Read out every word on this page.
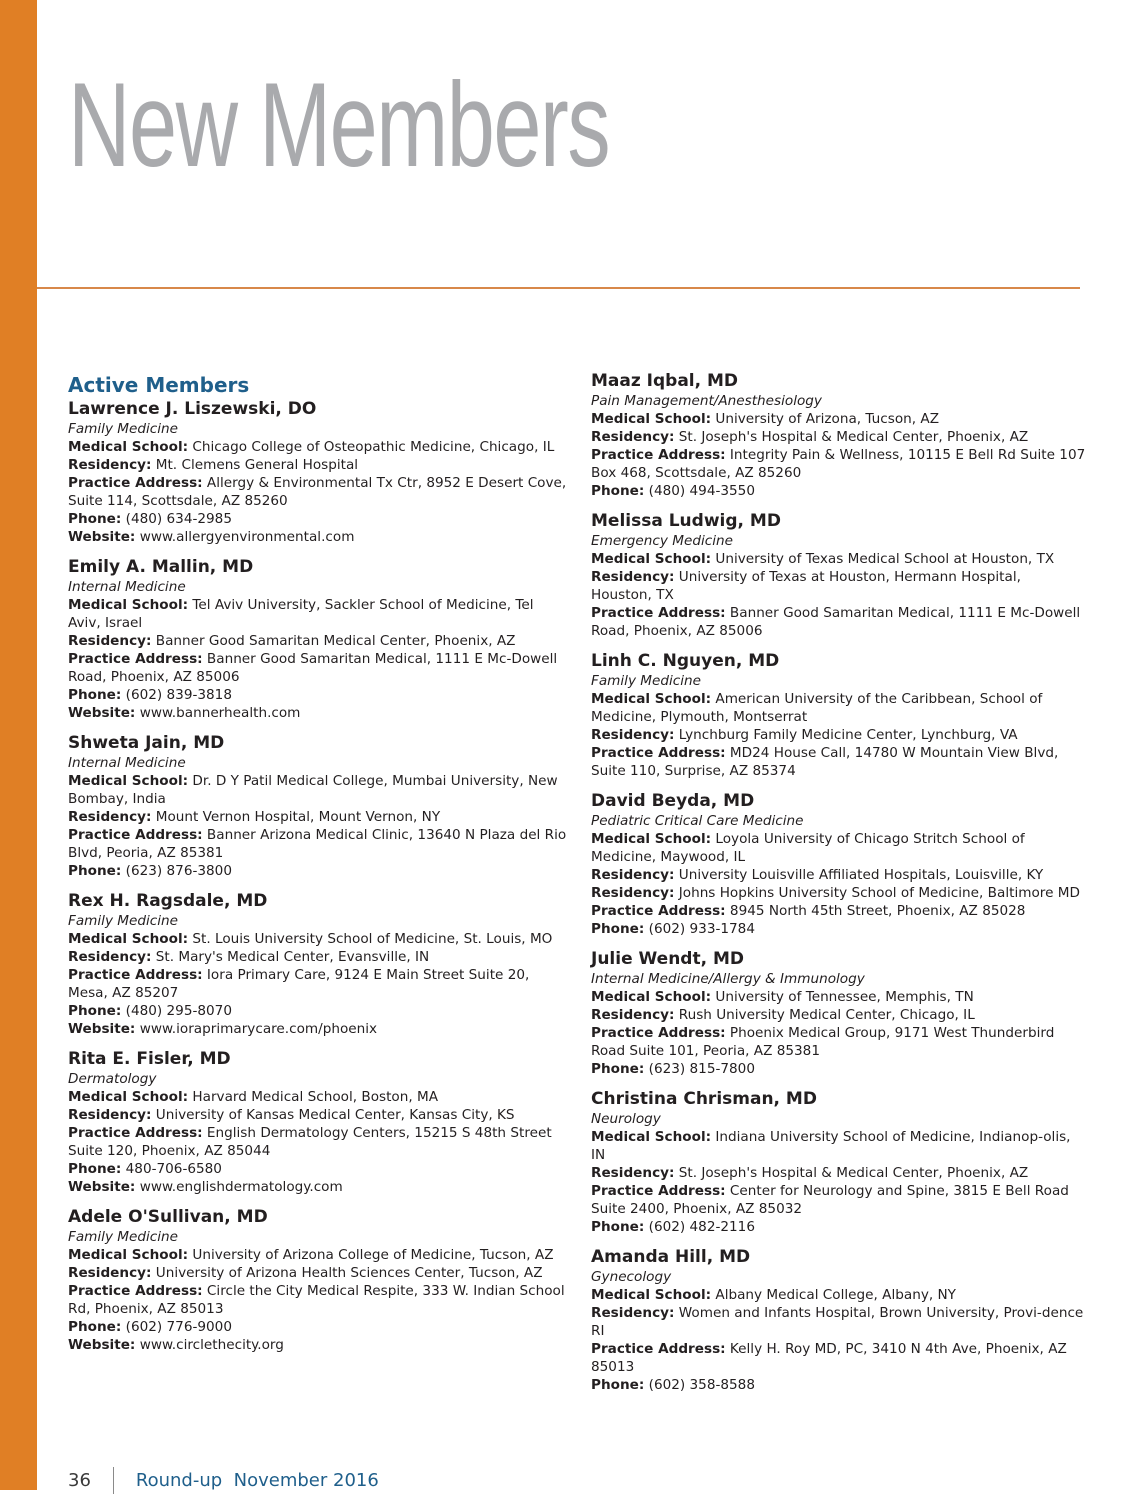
New Members
Active Members

Lawrence J. Liszewski, DO

Family Medicine

Medical School: Chicago College of Osteopathic Medicine, Chicago, IL

Residency: Mt. Clemens General Hospital

Practice Address: Allergy & Environmental Tx Ctr, 8952 E Desert Cove, Suite 114, Scottsdale, AZ 85260

Phone: (480) 634-2985

Website: www.allergyenvironmental.com

Emily A. Mallin, MD

Internal Medicine

Medical School: Tel Aviv University, Sackler School of Medicine, Tel Aviv, Israel

Residency: Banner Good Samaritan Medical Center, Phoenix, AZ

Practice Address: Banner Good Samaritan Medical, 1111 E Mc-Dowell Road, Phoenix, AZ 85006

Phone: (602) 839-3818

Website: www.bannerhealth.com

Shweta Jain, MD

Internal Medicine

Medical School: Dr. D Y Patil Medical College, Mumbai University, New Bombay, India

Residency: Mount Vernon Hospital, Mount Vernon, NY

Practice Address: Banner Arizona Medical Clinic, 13640 N Plaza del Rio Blvd, Peoria, AZ 85381

Phone: (623) 876-3800

Rex H. Ragsdale, MD

Family Medicine

Medical School: St. Louis University School of Medicine, St. Louis, MO

Residency: St. Mary's Medical Center, Evansville, IN

Practice Address: Iora Primary Care, 9124 E Main Street Suite 20, Mesa, AZ 85207

Phone: (480) 295-8070

Website: www.ioraprimarycare.com/phoenix

Rita E. Fisler, MD

Dermatology

Medical School: Harvard Medical School, Boston, MA

Residency: University of Kansas Medical Center, Kansas City, KS

Practice Address: English Dermatology Centers, 15215 S 48th Street Suite 120, Phoenix, AZ 85044

Phone: 480-706-6580

Website: www.englishdermatology.com

Adele O'Sullivan, MD

Family Medicine

Medical School: University of Arizona College of Medicine, Tucson, AZ

Residency: University of Arizona Health Sciences Center, Tucson, AZ

Practice Address: Circle the City Medical Respite, 333 W. Indian School Rd, Phoenix, AZ 85013

Phone: (602) 776-9000

Website: www.circlethecity.org

Maaz Iqbal, MD

Pain Management/Anesthesiology

Medical School: University of Arizona, Tucson, AZ

Residency: St. Joseph's Hospital & Medical Center, Phoenix, AZ

Practice Address: Integrity Pain & Wellness, 10115 E Bell Rd Suite 107 Box 468, Scottsdale, AZ 85260

Phone: (480) 494-3550

Melissa Ludwig, MD

Emergency Medicine

Medical School: University of Texas Medical School at Houston, TX

Residency: University of Texas at Houston, Hermann Hospital, Houston, TX

Practice Address: Banner Good Samaritan Medical, 1111 E Mc-Dowell Road, Phoenix, AZ 85006

Linh C. Nguyen, MD

Family Medicine

Medical School: American University of the Caribbean, School of Medicine, Plymouth, Montserrat

Residency: Lynchburg Family Medicine Center, Lynchburg, VA

Practice Address: MD24 House Call, 14780 W Mountain View Blvd, Suite 110, Surprise, AZ 85374

David Beyda, MD

Pediatric Critical Care Medicine

Medical School: Loyola University of Chicago Stritch School of Medicine, Maywood, IL

Residency: University Louisville Affiliated Hospitals, Louisville, KY

Residency: Johns Hopkins University School of Medicine, Baltimore MD

Practice Address: 8945 North 45th Street, Phoenix, AZ 85028

Phone: (602) 933-1784

Julie Wendt, MD

Internal Medicine/Allergy & Immunology

Medical School: University of Tennessee, Memphis, TN

Residency: Rush University Medical Center, Chicago, IL

Practice Address: Phoenix Medical Group, 9171 West Thunderbird Road Suite 101, Peoria, AZ 85381

Phone: (623) 815-7800

Christina Chrisman, MD

Neurology

Medical School: Indiana University School of Medicine, Indianop-olis, IN

Residency: St. Joseph's Hospital & Medical Center, Phoenix, AZ

Practice Address: Center for Neurology and Spine, 3815 E Bell Road Suite 2400, Phoenix, AZ 85032

Phone: (602) 482-2116

Amanda Hill, MD

Gynecology

Medical School: Albany Medical College, Albany, NY

Residency: Women and Infants Hospital, Brown University, Provi-dence RI

Practice Address: Kelly H. Roy MD, PC, 3410 N 4th Ave, Phoenix, AZ 85013

Phone: (602) 358-8588

36	Round-up  November 2016
